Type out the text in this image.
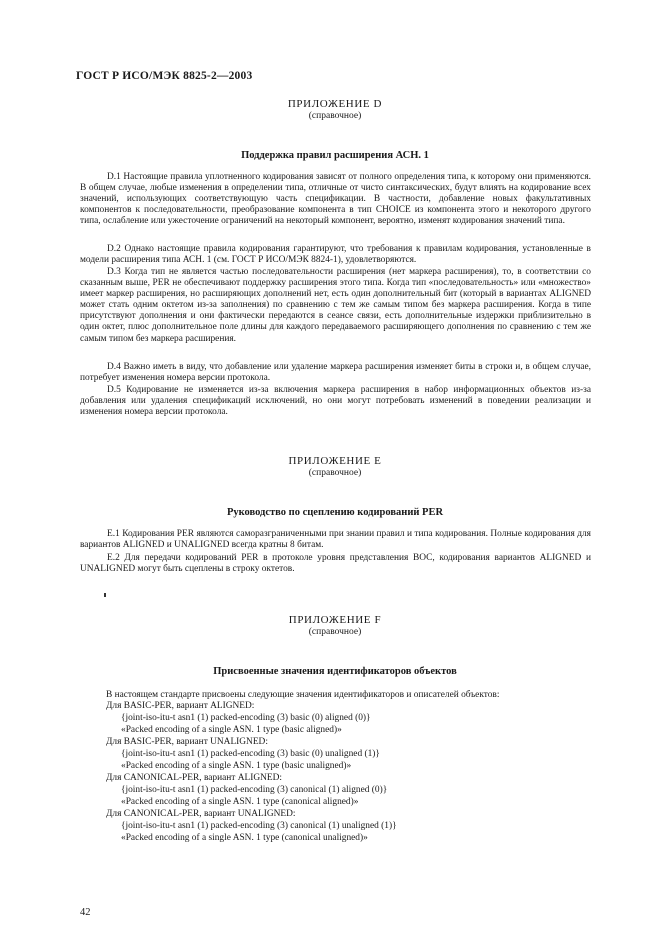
ГОСТ Р ИСО/МЭК 8825-2—2003
ПРИЛОЖЕНИЕ D
(справочное)
Поддержка правил расширения АСН. 1

D.1 Настоящие правила уплотненного кодирования зависят от полного определения типа, к которому они применяются. В общем случае, любые изменения в определении типа, отличные от чисто синтаксических, будут влиять на кодирование всех значений, использующих соответствующую часть спецификации. В частности, добавление новых факультативных компонентов к последовательности, преобразование компонента в тип CHOICE из компонента этого и некоторого другого типа, ослабление или ужесточение ограничений на некоторый компонент, вероятно, изменят кодирования значений типа.

D.2 Однако настоящие правила кодирования гарантируют, что требования к правилам кодирования, установленные в модели расширения типа АСН. 1 (см. ГОСТ Р ИСО/МЭК 8824-1), удовлетворяются.

D.3 Когда тип не является частью последовательности расширения (нет маркера расширения), то, в соответствии со сказанным выше, PER не обеспечивают поддержку расширения этого типа. Когда тип «последовательность» или «множество» имеет маркер расширения, но расширяющих дополнений нет, есть один дополнительный бит (который в вариантах ALIGNED может стать одним октетом из-за заполнения) по сравнению с тем же самым типом без маркера расширения. Когда в типе присутствуют дополнения и они фактически передаются в сеансе связи, есть дополнительные издержки приблизительно в один октет, плюс дополнительное поле длины для каждого передаваемого расширяющего дополнения по сравнению с тем же самым типом без маркера расширения.

D.4 Важно иметь в виду, что добавление или удаление маркера расширения изменяет биты в строки и, в общем случае, потребует изменения номера версии протокола.

D.5 Кодирование не изменяется из-за включения маркера расширения в набор информационных объектов из-за добавления или удаления спецификаций исключений, но они могут потребовать изменений в поведении реализации и изменения номера версии протокола.

ПРИЛОЖЕНИЕ E
(справочное)
Руководство по сцеплению кодирований PER

E.1 Кодирования PER являются саморазграниченными при знании правил и типа кодирования. Полные кодирования для вариантов ALIGNED и UNALIGNED всегда кратны 8 битам.

E.2 Для передачи кодирований PER в протоколе уровня представления ВОС, кодирования вариантов ALIGNED и UNALIGNED могут быть сцеплены в строку октетов.

ПРИЛОЖЕНИЕ F
(справочное)
Присвоенные значения идентификаторов объектов
В настоящем стандарте присвоены следующие значения идентификаторов и описателей объектов:
Для BASIC-PER, вариант ALIGNED:
{joint-iso-itu-t asn1 (1) packed-encoding (3) basic (0) aligned (0)}
«Packed encoding of a single ASN. 1 type (basic aligned)»
Для BASIC-PER, вариант UNALIGNED:
{joint-iso-itu-t asn1 (1) packed-encoding (3) basic (0) unaligned (1)}
«Packed encoding of a single ASN. 1 type (basic unaligned)»
Для CANONICAL-PER, вариант ALIGNED:
{joint-iso-itu-t asn1 (1) packed-encoding (3) canonical (1) aligned (0)}
«Packed encoding of a single ASN. 1 type (canonical aligned)»
Для CANONICAL-PER, вариант UNALIGNED:
{joint-iso-itu-t asn1 (1) packed-encoding (3) canonical (1) unaligned (1)}
«Packed encoding of a single ASN. 1 type (canonical unaligned)»
42
